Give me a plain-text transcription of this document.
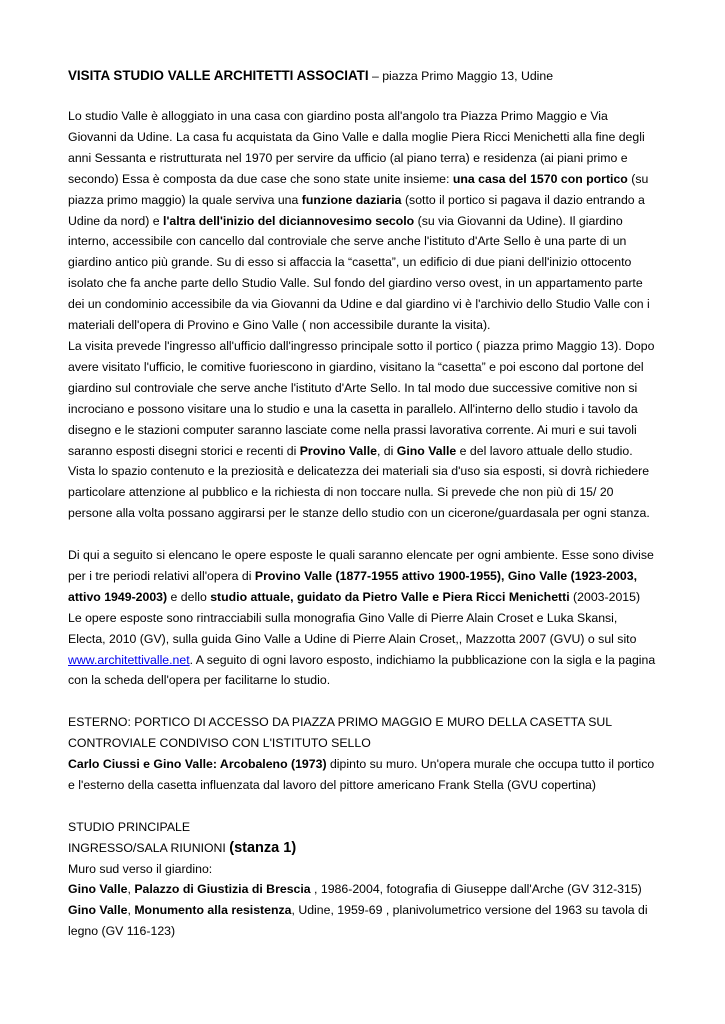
VISITA STUDIO VALLE ARCHITETTI ASSOCIATI – piazza Primo Maggio 13, Udine

Lo studio Valle è alloggiato in una casa con giardino posta all'angolo tra Piazza Primo Maggio e Via Giovanni da Udine. La casa fu acquistata da Gino Valle e dalla moglie Piera Ricci Menichetti alla fine degli anni Sessanta e ristrutturata nel 1970 per servire da ufficio (al piano terra) e residenza (ai piani primo e secondo) Essa è composta da due case che sono state unite insieme: una casa del 1570 con portico (su piazza primo maggio) la quale serviva una funzione daziaria (sotto il portico si pagava il dazio entrando a Udine da nord) e l'altra dell'inizio del diciannovesimo secolo (su via Giovanni da Udine). Il giardino interno, accessibile con cancello dal controviale che serve anche l'istituto d'Arte Sello è una parte di un giardino antico più grande. Su di esso si affaccia la “casetta”, un edificio di due piani dell'inizio ottocento isolato che fa anche parte dello Studio Valle. Sul fondo del giardino verso ovest, in un appartamento parte dei un condominio accessibile da via Giovanni da Udine e dal giardino vi è l'archivio dello Studio Valle con i materiali dell'opera di Provino e Gino Valle ( non accessibile durante la visita).

La visita prevede l'ingresso all'ufficio dall'ingresso principale sotto il portico ( piazza primo Maggio 13). Dopo avere visitato l'ufficio, le comitive fuoriescono in giardino, visitano la “casetta” e poi escono dal portone del giardino sul controviale che serve anche l'istituto d'Arte Sello. In tal modo due successive comitive non si incrociano e possono visitare una lo studio e una la casetta in parallelo. All'interno dello studio i tavolo da disegno e le stazioni computer saranno lasciate come nella prassi lavorativa corrente. Ai muri e sui tavoli saranno esposti disegni storici e recenti di Provino Valle, di Gino Valle e del lavoro attuale dello studio.

Vista lo spazio contenuto e la preziosità e delicatezza dei materiali sia d'uso sia esposti, si dovrà richiedere particolare attenzione al pubblico e la richiesta di non toccare nulla. Si prevede che non più di 15/ 20 persone alla volta possano aggirarsi per le stanze dello studio con un cicerone/guardasala per ogni stanza.

Di qui a seguito si elencano le opere esposte le quali saranno elencate per ogni ambiente. Esse sono divise per i tre periodi relativi all'opera di Provino Valle (1877-1955 attivo 1900-1955), Gino Valle (1923-2003, attivo 1949-2003) e dello studio attuale, guidato da Pietro Valle e Piera Ricci Menichetti (2003-2015)

Le opere esposte sono rintracciabili sulla monografia Gino Valle di Pierre Alain Croset e Luka Skansi, Electa, 2010 (GV), sulla guida Gino Valle a Udine di Pierre Alain Croset,, Mazzotta 2007 (GVU) o sul sito www.architettivalle.net. A seguito di ogni lavoro esposto, indichiamo la pubblicazione con la sigla e la pagina con la scheda dell'opera per facilitarne lo studio.

ESTERNO: PORTICO DI ACCESSO DA PIAZZA PRIMO MAGGIO E MURO DELLA CASETTA SUL CONTROVIALE CONDIVISO CON L'ISTITUTO SELLO

Carlo Ciussi e Gino Valle: Arcobaleno (1973) dipinto su muro. Un'opera murale che occupa tutto il portico e l'esterno della casetta influenzata dal lavoro del pittore americano Frank Stella (GVU copertina)

STUDIO PRINCIPALE

INGRESSO/SALA RIUNIONI (stanza 1)

Muro sud verso il giardino:

Gino Valle, Palazzo di Giustizia di Brescia , 1986-2004, fotografia di Giuseppe dall'Arche (GV 312-315)

Gino Valle, Monumento alla resistenza, Udine, 1959-69 , planivolumetrico versione del 1963 su tavola di legno (GV 116-123)
